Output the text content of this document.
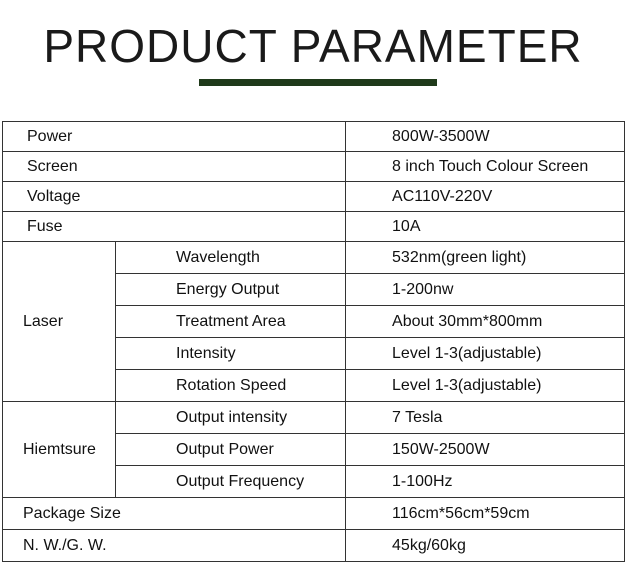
PRODUCT PARAMETER
Power		800W-3500W
Screen		8 inch Touch Colour Screen
Voltage		AC110V-220V
Fuse		10A
Laser	Wavelength	532nm(green light)
	Energy Output	1-200nw
	Treatment Area	About 30mm*800mm
	Intensity	Level 1-3(adjustable)
	Rotation Speed	Level 1-3(adjustable)
Hiemtsure	Output intensity	7 Tesla
	Output Power	150W-2500W
	Output Frequency	1-100Hz
Package Size		116cm*56cm*59cm
N. W./G. W.		45kg/60kg
